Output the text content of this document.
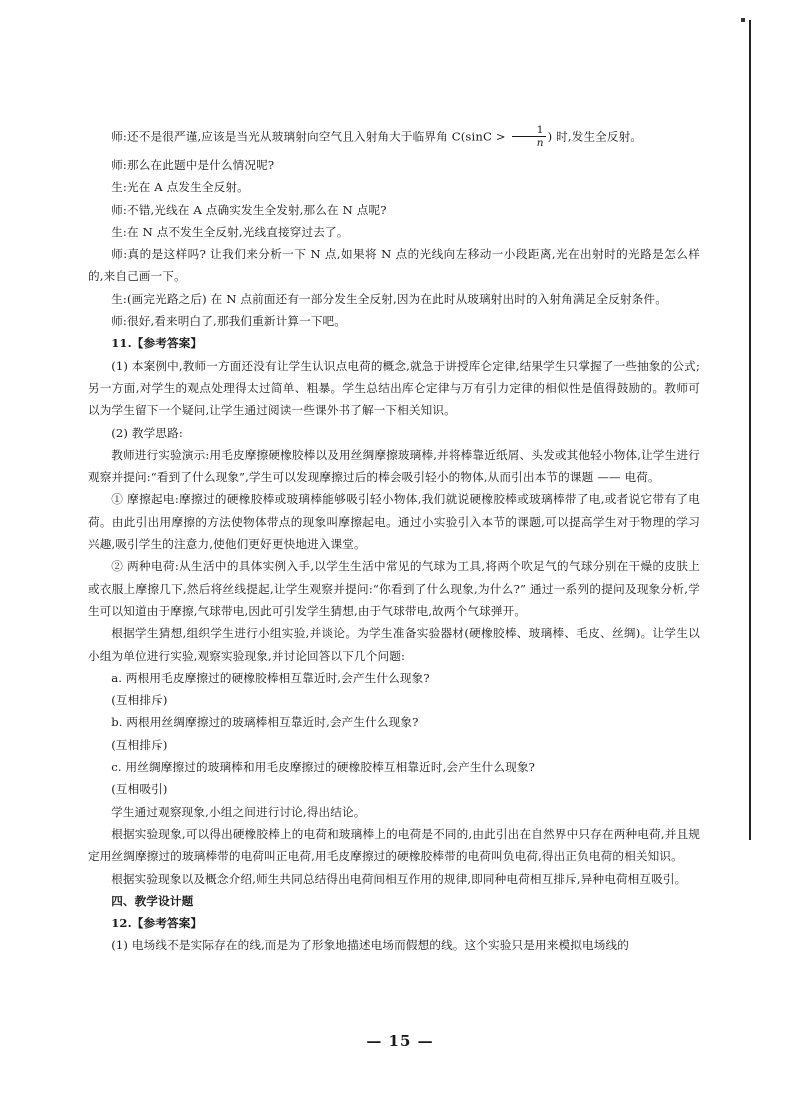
师:还不是很严谨,应该是当光从玻璃射向空气且入射角大于临界角 $C(\sin C > \frac{1}{n}$ ) 时,发生全反射。

师:那么在此题中是什么情况呢?

生:光在 A 点发生全反射。

师:不错,光线在 A 点确实发生全发射,那么在 N 点呢?

生:在 N 点不发生全反射,光线直接穿过去了。

师:真的是这样吗? 让我们来分析一下 N 点,如果将 N 点的光线向左移动一小段距离,光在出射时的光路是怎么样的,来自己画一下。

生:(画完光路之后) 在 N 点前面还有一部分发生全反射,因为在此时从玻璃射出时的入射角满足全反射条件。

师:很好,看来明白了,那我们重新计算一下吧。

11.【参考答案】

(1) 本案例中,教师一方面还没有让学生认识点电荷的概念,就急于讲授库仑定律,结果学生只掌握了一些抽象的公式;另一方面,对学生的观点处理得太过简单、粗暴。学生总结出库仑定律与万有引力定律的相似性是值得鼓励的。教师可以为学生留下一个疑问,让学生通过阅读一些课外书了解一下相关知识。

(2) 教学思路:

教师进行实验演示:用毛皮摩擦硬橡胶棒以及用丝绸摩擦玻璃棒,并将棒靠近纸屑、头发或其他轻小物体,让学生进行观察并提问:“看到了什么现象”,学生可以发现摩擦过后的棒会吸引轻小的物体,从而引出本节的课题 —— 电荷。

① 摩擦起电:摩擦过的硬橡胶棒或玻璃棒能够吸引轻小物体,我们就说硬橡胶棒或玻璃棒带了电,或者说它带有了电荷。由此引出用摩擦的方法使物体带点的现象叫摩擦起电。通过小实验引入本节的课题,可以提高学生对于物理的学习兴趣,吸引学生的注意力,使他们更好更快地进入课堂。

② 两种电荷:从生活中的具体实例入手,以学生生活中常见的气球为工具,将两个吹足气的气球分别在干燥的皮肤上或衣服上摩擦几下,然后将丝线提起,让学生观察并提问:“你看到了什么现象,为什么?” 通过一系列的提问及现象分析,学生可以知道由于摩擦,气球带电,因此可引发学生猜想,由于气球带电,故两个气球弹开。

根据学生猜想,组织学生进行小组实验,并谈论。为学生准备实验器材(硬橡胶棒、玻璃棒、毛皮、丝绸)。让学生以小组为单位进行实验,观察实验现象,并讨论回答以下几个问题:

a. 两根用毛皮摩擦过的硬橡胶棒相互靠近时,会产生什么现象?

(互相排斥)

b. 两根用丝绸摩擦过的玻璃棒相互靠近时,会产生什么现象?

(互相排斥)

c. 用丝绸摩擦过的玻璃棒和用毛皮摩擦过的硬橡胶棒互相靠近时,会产生什么现象?

(互相吸引)

学生通过观察现象,小组之间进行讨论,得出结论。

根据实验现象,可以得出硬橡胶棒上的电荷和玻璃棒上的电荷是不同的,由此引出在自然界中只存在两种电荷,并且规定用丝绸摩擦过的玻璃棒带的电荷叫正电荷,用毛皮摩擦过的硬橡胶棒带的电荷叫负电荷,得出正负电荷的相关知识。

根据实验现象以及概念介绍,师生共同总结得出电荷间相互作用的规律,即同种电荷相互排斥,异种电荷相互吸引。

四、教学设计题

12.【参考答案】

(1) 电场线不是实际存在的线,而是为了形象地描述电场而假想的线。这个实验只是用来模拟电场线的

— 15 —
